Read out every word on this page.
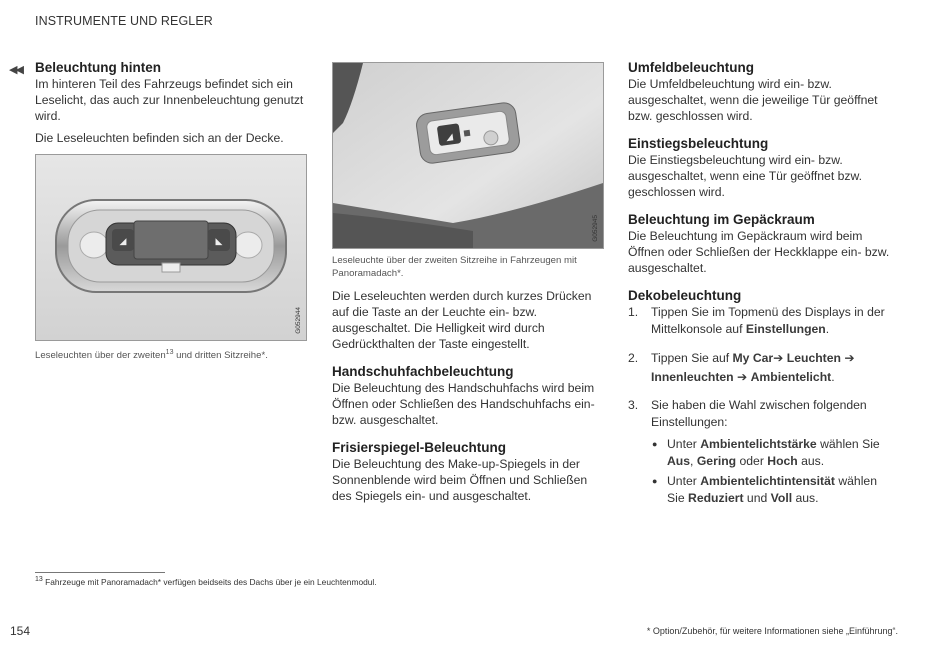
INSTRUMENTE UND REGLER
◀◀ Beleuchtung hinten

Im hinteren Teil des Fahrzeugs befindet sich ein Leselicht, das auch zur Innenbeleuchtung genutzt wird.

Die Leseleuchten befinden sich an der Decke.

◢	◣
G052944
Leseleuchten über der zweiten$^{13}$ und dritten Sitzreihe*.
◢
G052945
Leseleuchte über der zweiten Sitzreihe in Fahrzeugen mit Panoramadach*.

Die Leseleuchten werden durch kurzes Drücken auf die Taste an der Leuchte ein- bzw. ausgeschaltet. Die Helligkeit wird durch Gedrückthalten der Taste eingestellt.

Handschuhfachbeleuchtung

Die Beleuchtung des Handschuhfachs wird beim Öffnen oder Schließen des Handschuhfachs ein- bzw. ausgeschaltet.

Frisierspiegel-Beleuchtung

Die Beleuchtung des Make-up-Spiegels in der Sonnenblende wird beim Öffnen und Schließen des Spiegels ein- und ausgeschaltet.

Umfeldbeleuchtung

Die Umfeldbeleuchtung wird ein- bzw. ausgeschaltet, wenn die jeweilige Tür geöffnet bzw. geschlossen wird.

Einstiegsbeleuchtung

Die Einstiegsbeleuchtung wird ein- bzw. ausgeschaltet, wenn eine Tür geöffnet bzw. geschlossen wird.

Beleuchtung im Gepäckraum

Die Beleuchtung im Gepäckraum wird beim Öffnen oder Schließen der Heckklappe ein- bzw. ausgeschaltet.

Dekobeleuchtung
1. Tippen Sie im Topmenü des Displays in der Mittelkonsole auf Einstellungen.
2. Tippen Sie auf My Car➔ Leuchten ➔ Innenleuchten ➔ Ambientelicht.
3. Sie haben die Wahl zwischen folgenden Einstellungen:
● Unter Ambientelichtstärke wählen Sie Aus, Gering oder Hoch aus.
● Unter Ambientelichtintensität wählen Sie Reduziert und Voll aus.
$^{13}$ Fahrzeuge mit Panoramadach* verfügen beidseits des Dachs über je ein Leuchtenmodul.
154	* Option/Zubehör, für weitere Informationen siehe „Einführung“.
